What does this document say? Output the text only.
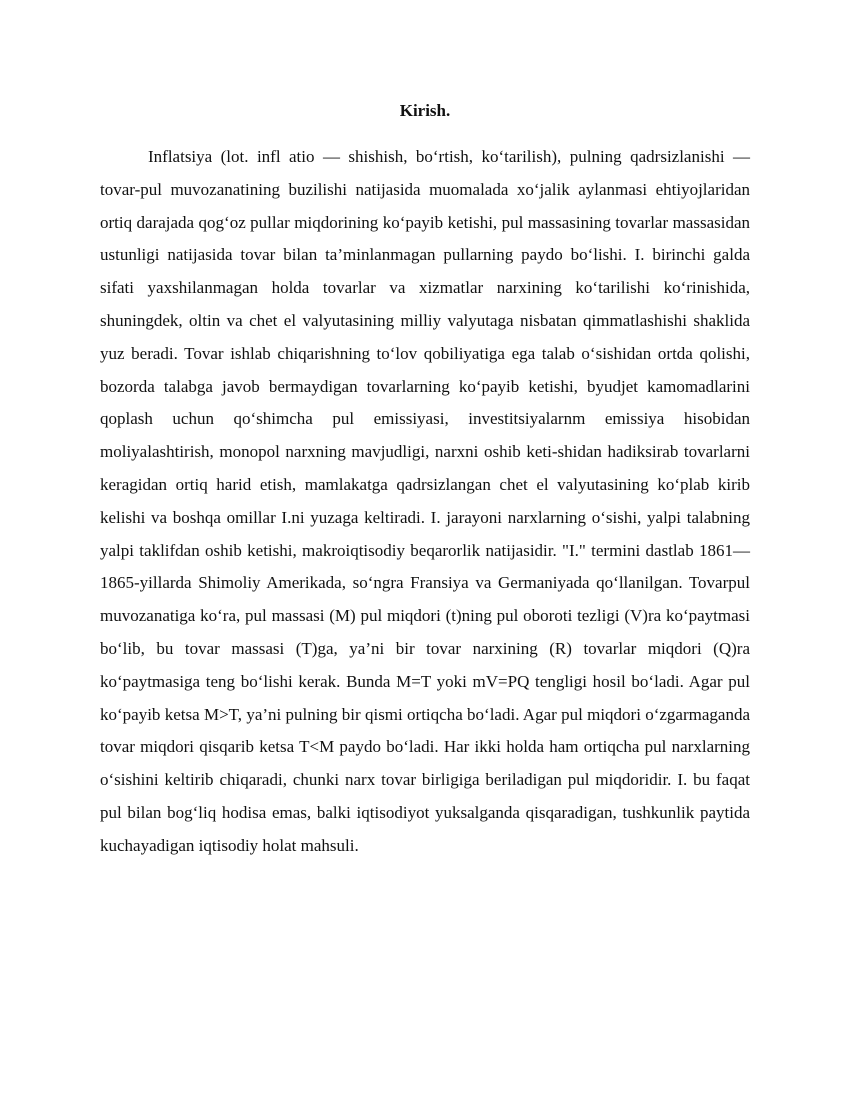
Kirish.

Inflatsiya (lot. infl atio — shishish, bo‘rtish, ko‘tarilish), pulning qadrsizlanishi — tovar-pul muvozanatining buzilishi natijasida muomalada xo‘jalik aylanmasi ehtiyojlaridan ortiq darajada qog‘oz pullar miqdorining ko‘payib ketishi, pul massasining tovarlar massasidan ustunligi natijasida tovar bilan ta’minlanmagan pullarning paydo bo‘lishi. I. birinchi galda sifati yaxshilanmagan holda tovarlar va xizmatlar narxining ko‘tarilishi ko‘rinishida, shuningdek, oltin va chet el valyutasining milliy valyutaga nisbatan qimmatlashishi shaklida yuz beradi. Tovar ishlab chiqarishning to‘lov qobiliyatiga ega talab o‘sishidan ortda qolishi, bozorda talabga javob bermaydigan tovarlarning ko‘payib ketishi, byudjet kamomadlarini qoplash uchun qo‘shimcha pul emissiyasi, investitsiyalarnm emissiya hisobidan moliyalashtirish, monopol narxning mavjudligi, narxni oshib keti-shidan hadiksirab tovarlarni keragidan ortiq harid etish, mamlakatga qadrsizlangan chet el valyutasining ko‘plab kirib kelishi va boshqa omillar I.ni yuzaga keltiradi. I. jarayoni narxlarning o‘sishi, yalpi talabning yalpi taklifdan oshib ketishi, makroiqtisodiy beqarorlik natijasidir. "I." termini dastlab 1861—1865-yillarda Shimoliy Amerikada, so‘ngra Fransiya va Germaniyada qo‘llanilgan. Tovarpul muvozanatiga ko‘ra, pul massasi (M) pul miqdori (t)ning pul oboroti tezligi (V)ra ko‘paytmasi bo‘lib, bu tovar massasi (T)ga, ya’ni bir tovar narxining (R) tovarlar miqdori (Q)ra ko‘paytmasiga teng bo‘lishi kerak. Bunda M=T yoki mV=PQ tengligi hosil bo‘ladi. Agar pul ko‘payib ketsa M>T, ya’ni pulning bir qismi ortiqcha bo‘ladi. Agar pul miqdori o‘zgarmaganda tovar miqdori qisqarib ketsa T<M paydo bo‘ladi. Har ikki holda ham ortiqcha pul narxlarning o‘sishini keltirib chiqaradi, chunki narx tovar birligiga beriladigan pul miqdoridir. I. bu faqat pul bilan bog‘liq hodisa emas, balki iqtisodiyot yuksalganda qisqaradigan, tushkunlik paytida kuchayadigan iqtisodiy holat mahsuli.
